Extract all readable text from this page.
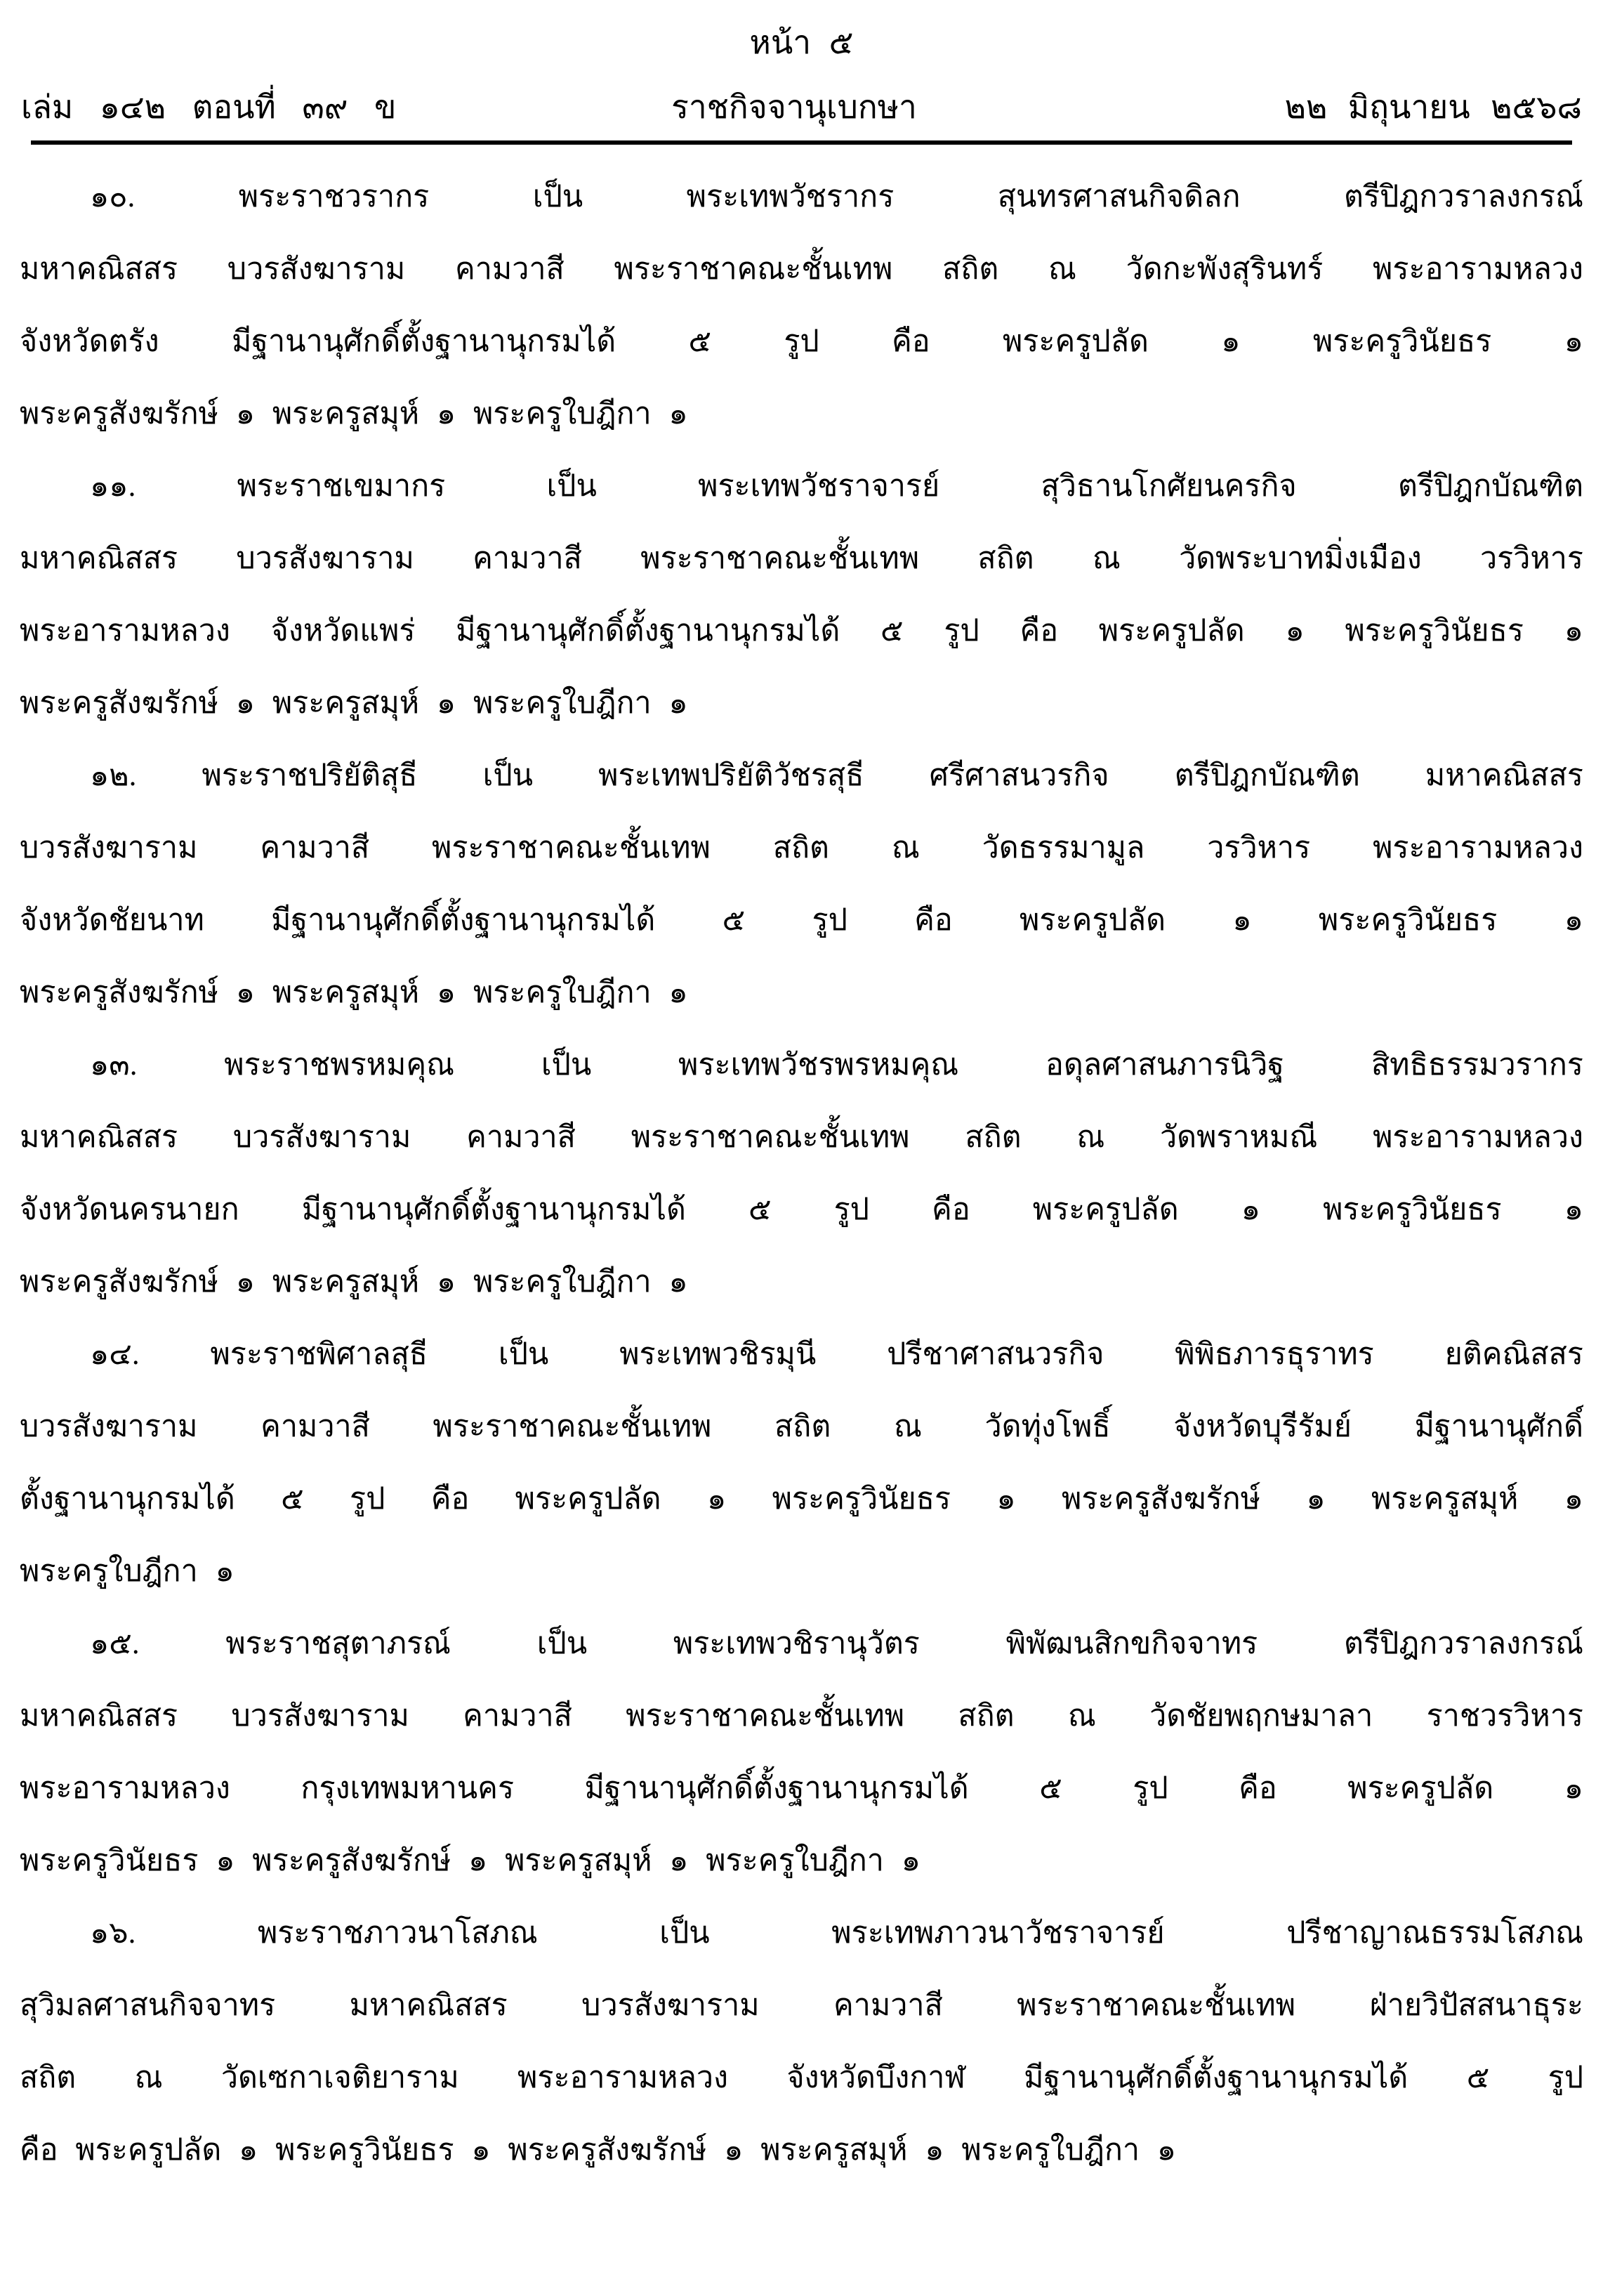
หน้า ๕
เล่ม ๑๔๒ ตอนที่ ๓๙ ข	ราชกิจจานุเบกษา	๒๒ มิถุนายน ๒๕๖๘
๑๐. พระราชวรากร เป็น พระเทพวัชรากร สุนทรศาสนกิจดิลก ตรีปิฎกวราลงกรณ์
มหาคณิสสร บวรสังฆาราม คามวาสี พระราชาคณะชั้นเทพ สถิต ณ วัดกะพังสุรินทร์ พระอารามหลวง
จังหวัดตรัง มีฐานานุศักดิ์ตั้งฐานานุกรมได้ ๕ รูป คือ พระครูปลัด ๑ พระครูวินัยธร ๑
พระครูสังฆรักษ์ ๑ พระครูสมุห์ ๑ พระครูใบฎีกา ๑
๑๑. พระราชเขมากร เป็น พระเทพวัชราจารย์ สุวิธานโกศัยนครกิจ ตรีปิฎกบัณฑิต
มหาคณิสสร บวรสังฆาราม คามวาสี พระราชาคณะชั้นเทพ สถิต ณ วัดพระบาทมิ่งเมือง วรวิหาร
พระอารามหลวง จังหวัดแพร่ มีฐานานุศักดิ์ตั้งฐานานุกรมได้ ๕ รูป คือ พระครูปลัด ๑ พระครูวินัยธร ๑
พระครูสังฆรักษ์ ๑ พระครูสมุห์ ๑ พระครูใบฎีกา ๑
๑๒. พระราชปริยัติสุธี เป็น พระเทพปริยัติวัชรสุธี ศรีศาสนวรกิจ ตรีปิฎกบัณฑิต มหาคณิสสร
บวรสังฆาราม คามวาสี พระราชาคณะชั้นเทพ สถิต ณ วัดธรรมามูล วรวิหาร พระอารามหลวง
จังหวัดชัยนาท มีฐานานุศักดิ์ตั้งฐานานุกรมได้ ๕ รูป คือ พระครูปลัด ๑ พระครูวินัยธร ๑
พระครูสังฆรักษ์ ๑ พระครูสมุห์ ๑ พระครูใบฎีกา ๑
๑๓. พระราชพรหมคุณ เป็น พระเทพวัชรพรหมคุณ อดุลศาสนภารนิวิฐ สิทธิธรรมวรากร
มหาคณิสสร บวรสังฆาราม คามวาสี พระราชาคณะชั้นเทพ สถิต ณ วัดพราหมณี พระอารามหลวง
จังหวัดนครนายก มีฐานานุศักดิ์ตั้งฐานานุกรมได้ ๕ รูป คือ พระครูปลัด ๑ พระครูวินัยธร ๑
พระครูสังฆรักษ์ ๑ พระครูสมุห์ ๑ พระครูใบฎีกา ๑
๑๔. พระราชพิศาลสุธี เป็น พระเทพวชิรมุนี ปรีชาศาสนวรกิจ พิพิธภารธุราทร ยติคณิสสร
บวรสังฆาราม คามวาสี พระราชาคณะชั้นเทพ สถิต ณ วัดทุ่งโพธิ์ จังหวัดบุรีรัมย์ มีฐานานุศักดิ์
ตั้งฐานานุกรมได้ ๕ รูป คือ พระครูปลัด ๑ พระครูวินัยธร ๑ พระครูสังฆรักษ์ ๑ พระครูสมุห์ ๑
พระครูใบฎีกา ๑
๑๕. พระราชสุตาภรณ์ เป็น พระเทพวชิรานุวัตร พิพัฒนสิกขกิจจาทร ตรีปิฎกวราลงกรณ์
มหาคณิสสร บวรสังฆาราม คามวาสี พระราชาคณะชั้นเทพ สถิต ณ วัดชัยพฤกษมาลา ราชวรวิหาร
พระอารามหลวง กรุงเทพมหานคร มีฐานานุศักดิ์ตั้งฐานานุกรมได้ ๕ รูป คือ พระครูปลัด ๑
พระครูวินัยธร ๑ พระครูสังฆรักษ์ ๑ พระครูสมุห์ ๑ พระครูใบฎีกา ๑
๑๖. พระราชภาวนาโสภณ เป็น พระเทพภาวนาวัชราจารย์ ปรีชาญาณธรรมโสภณ
สุวิมลศาสนกิจจาทร มหาคณิสสร บวรสังฆาราม คามวาสี พระราชาคณะชั้นเทพ ฝ่ายวิปัสสนาธุระ
สถิต ณ วัดเซกาเจติยาราม พระอารามหลวง จังหวัดบึงกาฬ มีฐานานุศักดิ์ตั้งฐานานุกรมได้ ๕ รูป
คือ พระครูปลัด ๑ พระครูวินัยธร ๑ พระครูสังฆรักษ์ ๑ พระครูสมุห์ ๑ พระครูใบฎีกา ๑
